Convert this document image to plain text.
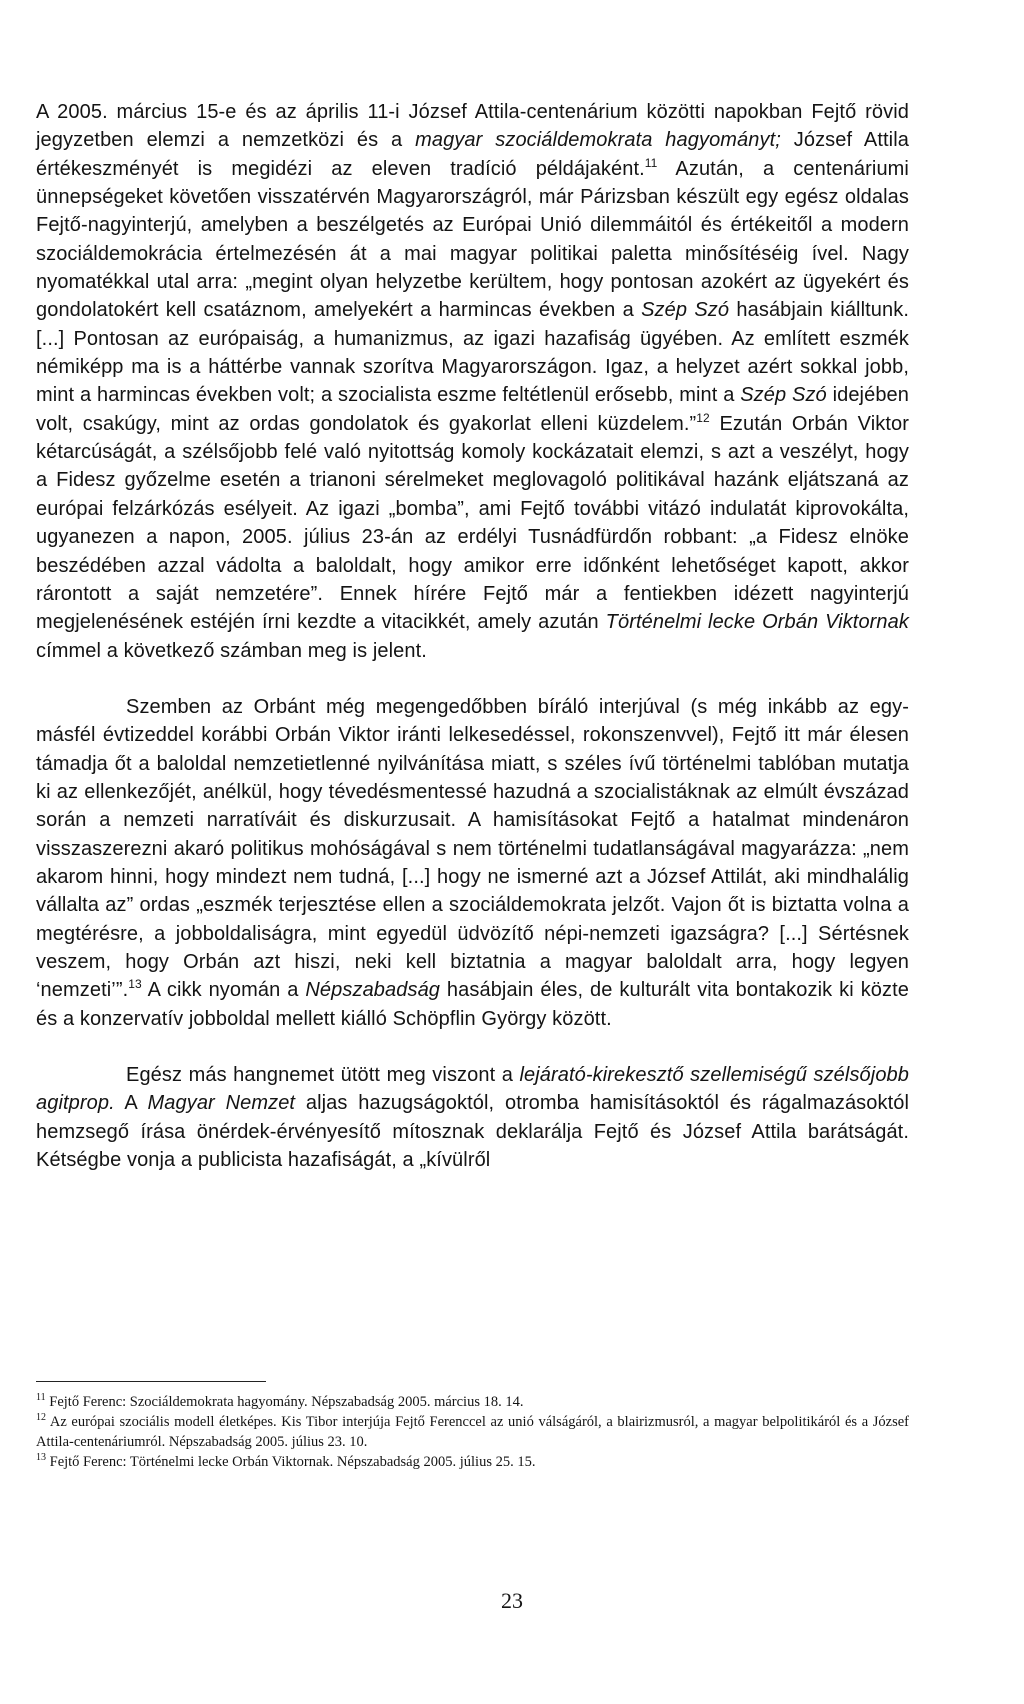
A 2005. március 15-e és az április 11-i József Attila-centenárium közötti napokban Fejtő rövid jegyzetben elemzi a nemzetközi és a magyar szociáldemokrata hagyományt; József Attila értékeszményét is megidézi az eleven tradíció példájaként.$^{11}$ Azután, a centenáriumi ünnepségeket követően visszatérvén Magyarországról, már Párizsban készült egy egész oldalas Fejtő-nagyinterjú, amelyben a beszélgetés az Európai Unió dilemmáitól és értékeitől a modern szociáldemokrácia értelmezésén át a mai magyar politikai paletta minősítéséig ível. Nagy nyomatékkal utal arra: „megint olyan helyzetbe kerültem, hogy pontosan azokért az ügyekért és gondolatokért kell csatáznom, amelyekért a harmincas években a Szép Szó hasábjain kiálltunk. [...] Pontosan az európaiság, a humanizmus, az igazi hazafiság ügyében. Az említett eszmék némiképp ma is a háttérbe vannak szorítva Magyarországon. Igaz, a helyzet azért sokkal jobb, mint a harmincas években volt; a szocialista eszme feltétlenül erősebb, mint a Szép Szó idejében volt, csakúgy, mint az ordas gondolatok és gyakorlat elleni küzdelem.”$^{12}$ Ezután Orbán Viktor kétarcúságát, a szélsőjobb felé való nyitottság komoly kockázatait elemzi, s azt a veszélyt, hogy a Fidesz győzelme esetén a trianoni sérelmeket meglovagoló politikával hazánk eljátszaná az európai felzárkózás esélyeit. Az igazi „bomba”, ami Fejtő további vitázó indulatát kiprovokálta, ugyanezen a napon, 2005. július 23-án az erdélyi Tusnádfürdőn robbant: „a Fidesz elnöke beszédében azzal vádolta a baloldalt, hogy amikor erre időnként lehetőséget kapott, akkor rárontott a saját nemzetére”. Ennek hírére Fejtő már a fentiekben idézett nagyinterjú megjelenésének estéjén írni kezdte a vitacikkét, amely azután Történelmi lecke Orbán Viktornak címmel a következő számban meg is jelent.

Szemben az Orbánt még megengedőbben bíráló interjúval (s még inkább az egy-másfél évtizeddel korábbi Orbán Viktor iránti lelkesedéssel, rokonszenvvel), Fejtő itt már élesen támadja őt a baloldal nemzetietlenné nyilvánítása miatt, s széles ívű történelmi tablóban mutatja ki az ellenkezőjét, anélkül, hogy tévedésmentessé hazudná a szocialistáknak az elmúlt évszázad során a nemzeti narratíváit és diskurzusait. A hamisításokat Fejtő a hatalmat mindenáron visszaszerezni akaró politikus mohóságával s nem történelmi tudatlanságával magyarázza: „nem akarom hinni, hogy mindezt nem tudná, [...] hogy ne ismerné azt a József Attilát, aki mindhalálig vállalta az” ordas „eszmék terjesztése ellen a szociáldemokrata jelzőt. Vajon őt is biztatta volna a megtérésre, a jobboldaliságra, mint egyedül üdvözítő népi-nemzeti igazságra? [...] Sértésnek veszem, hogy Orbán azt hiszi, neki kell biztatnia a magyar baloldalt arra, hogy legyen ‘nemzeti’”.$^{13}$ A cikk nyomán a Népszabadság hasábjain éles, de kulturált vita bontakozik ki közte és a konzervatív jobboldal mellett kiálló Schöpflin György között.

Egész más hangnemet ütött meg viszont a lejárató-kirekesztő szellemiségű szélsőjobb agitprop. A Magyar Nemzet aljas hazugságoktól, otromba hamisításoktól és rágalmazásoktól hemzsegő írása önérdek-érvényesítő mítosznak deklarálja Fejtő és József Attila barátságát. Kétségbe vonja a publicista hazafiságát, a „kívülről

$^{11}$ Fejtő Ferenc: Szociáldemokrata hagyomány. Népszabadság 2005. március 18. 14.

$^{12}$ Az európai szociális modell életképes. Kis Tibor interjúja Fejtő Ferenccel az unió válságáról, a blairizmusról, a magyar belpolitikáról és a József Attila-centenáriumról. Népszabadság 2005. július 23. 10.

$^{13}$ Fejtő Ferenc: Történelmi lecke Orbán Viktornak. Népszabadság 2005. július 25. 15.

23
